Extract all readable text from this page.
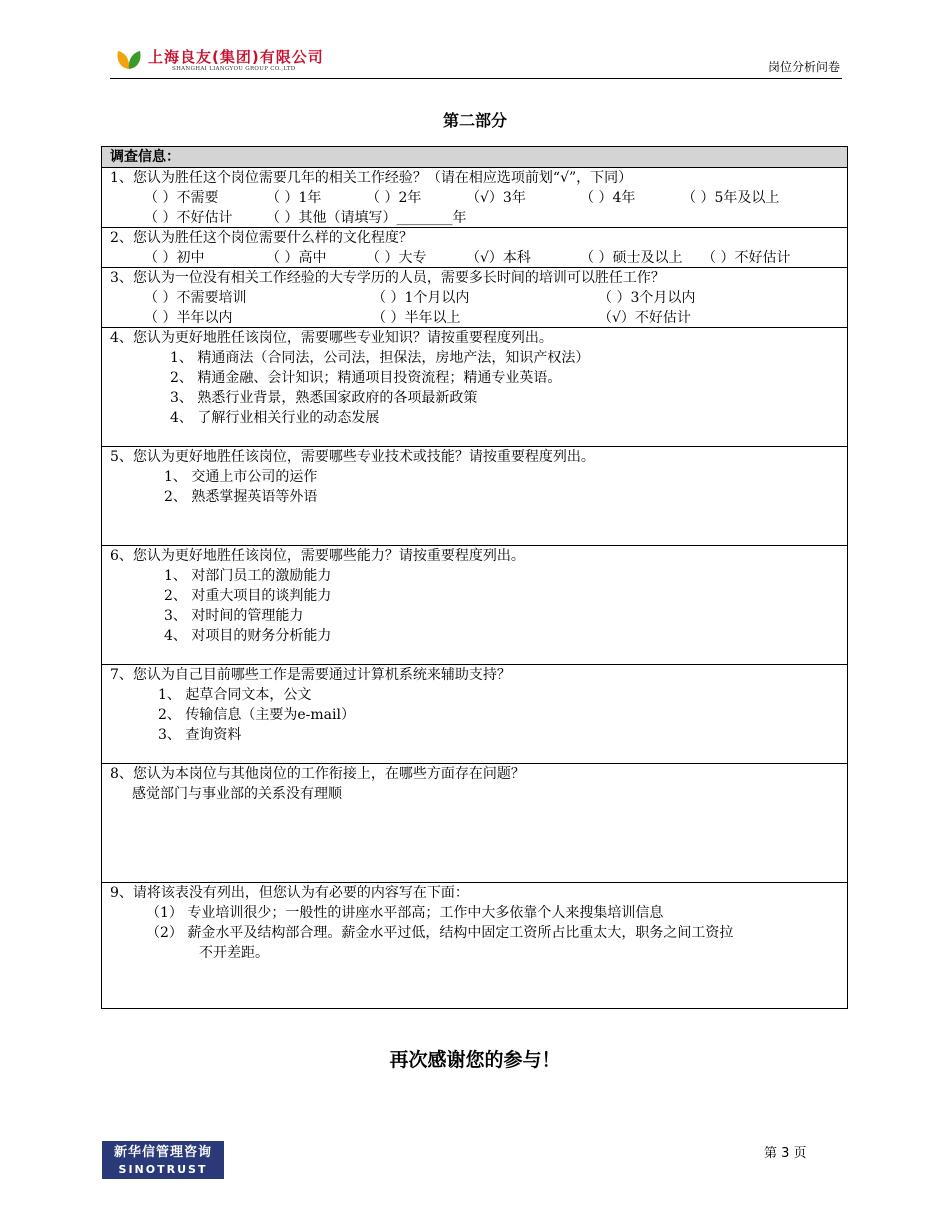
上海良友(集团)有限公司
SHANGHAI LIANGYOU GROUP CO.,LTD	岗位分析问卷
第二部分
调查信息：
1、您认为胜任这个岗位需要几年的相关工作经验？（请在相应选项前划“√”，下同）
（ ）不需要	（ ）1年	（ ）2年	（√）3年	（ ）4年	（ ）5年及以上
（ ）不好估计 （ ）其他（请填写）________年
2、您认为胜任这个岗位需要什么样的文化程度？
（ ）初中	（ ）高中	（ ）大专	（√）本科	（ ）硕士及以上 （ ）不好估计
3、您认为一位没有相关工作经验的大专学历的人员，需要多长时间的培训可以胜任工作？
（ ）不需要培训	（ ）1个月以内	（ ）3个月以内
（ ）半年以内	（ ）半年以上	（√）不好估计
4、您认为更好地胜任该岗位，需要哪些专业知识？请按重要程度列出。
1、 精通商法（合同法，公司法，担保法，房地产法，知识产权法）
2、 精通金融、会计知识；精通项目投资流程；精通专业英语。
3、 熟悉行业背景，熟悉国家政府的各项最新政策
4、 了解行业相关行业的动态发展
5、您认为更好地胜任该岗位，需要哪些专业技术或技能？请按重要程度列出。
1、 交通上市公司的运作
2、 熟悉掌握英语等外语
6、您认为更好地胜任该岗位，需要哪些能力？请按重要程度列出。
1、 对部门员工的激励能力
2、 对重大项目的谈判能力
3、 对时间的管理能力
4、 对项目的财务分析能力
7、您认为自己目前哪些工作是需要通过计算机系统来辅助支持？
1、 起草合同文本，公文
2、 传输信息（主要为e-mail）
3、 查询资料
8、您认为本岗位与其他岗位的工作衔接上，在哪些方面存在问题？
感觉部门与事业部的关系没有理顺
9、请将该表没有列出，但您认为有必要的内容写在下面：
（1） 专业培训很少；一般性的讲座水平部高；工作中大多依靠个人来搜集培训信息
（2） 薪金水平及结构部合理。薪金水平过低，结构中固定工资所占比重太大，职务之间工资拉
不开差距。
再次感谢您的参与！
新华信管理咨询
SINOTRUST
第 3 页
